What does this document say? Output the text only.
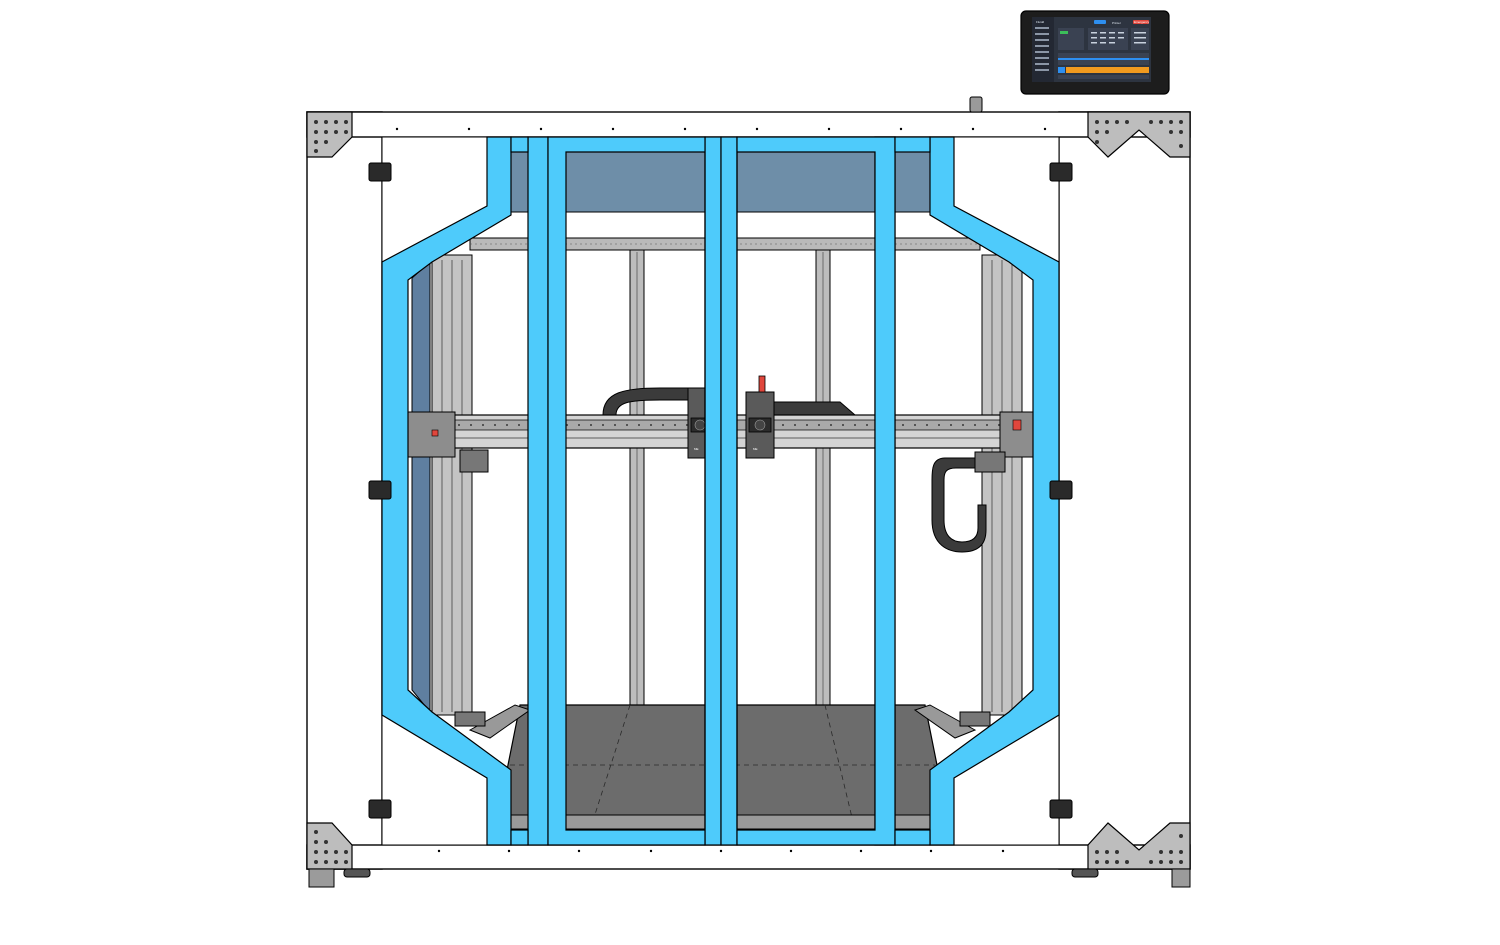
ME	ME
Fluidd	Printer	Emergency
